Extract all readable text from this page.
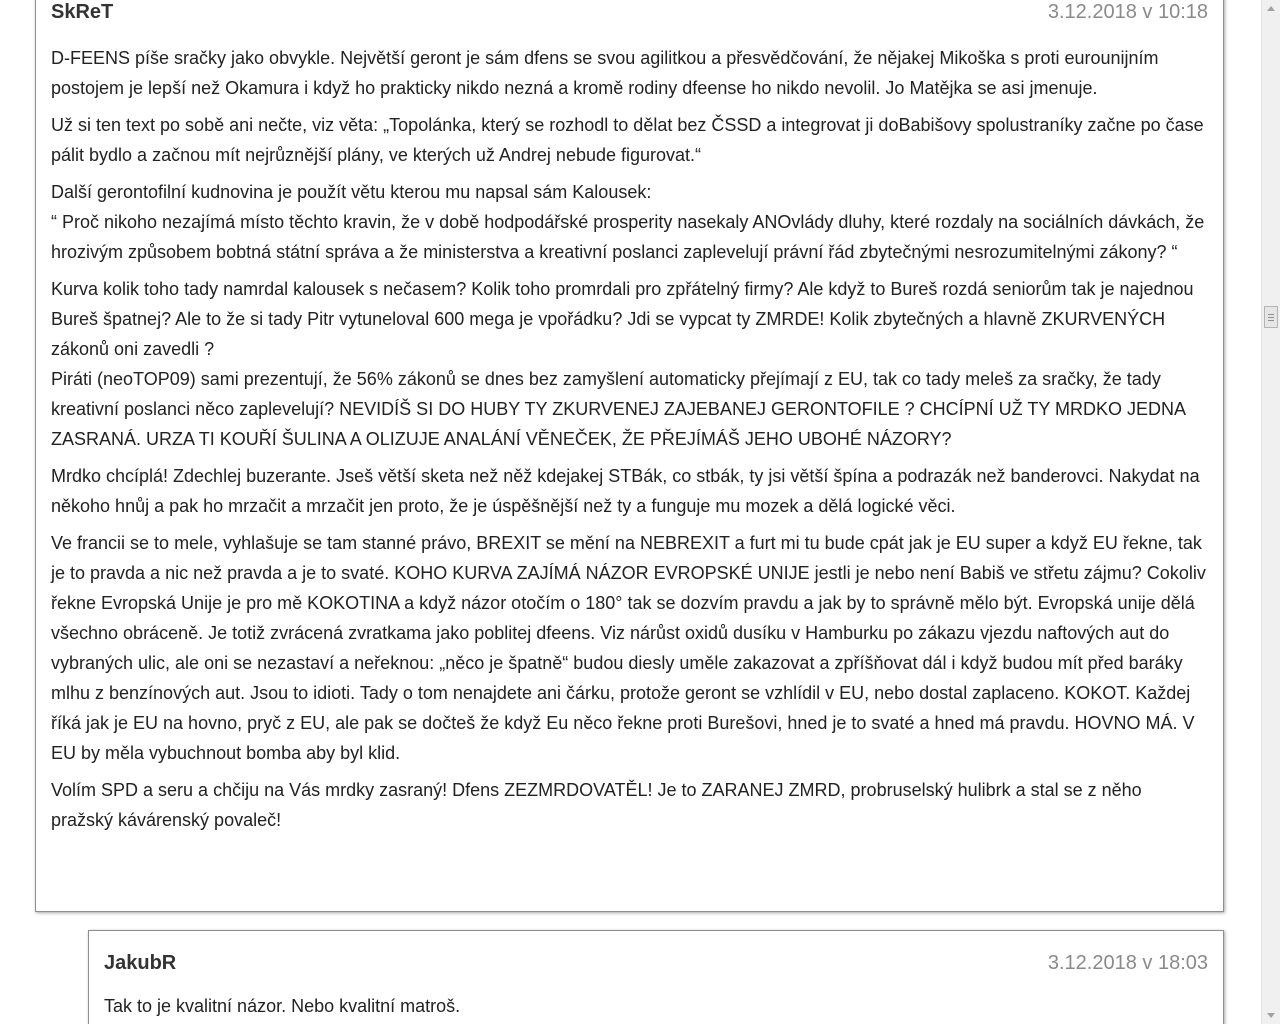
SkReT	3.12.2018 v 10:18

D-FEENS píše sračky jako obvykle. Největší geront je sám dfens se svou agilitkou a přesvědčování, že nějakej Mikoška s proti eurounijním postojem je lepší než Okamura i když ho prakticky nikdo nezná a kromě rodiny dfeense ho nikdo nevolil. Jo Matějka se asi jmenuje.

Už si ten text po sobě ani nečte, viz věta: „Topolánka, který se rozhodl to dělat bez ČSSD a integrovat ji doBabišovy spolustraníky začne po čase pálit bydlo a začnou mít nejrůznější plány, ve kterých už Andrej nebude figurovat.“

Další gerontofilní kudnovina je použít větu kterou mu napsal sám Kalousek:
“ Proč nikoho nezajímá místo těchto kravin, že v době hodpodářské prosperity nasekaly ANOvlády dluhy, které rozdaly na sociálních dávkách, že hrozivým způsobem bobtná státní správa a že ministerstva a kreativní poslanci zaplevelují právní řád zbytečnými nesrozumitelnými zákony? “

Kurva kolik toho tady namrdal kalousek s nečasem? Kolik toho promrdali pro zpřátelný firmy? Ale když to Bureš rozdá seniorům tak je najednou Bureš špatnej? Ale to že si tady Pitr vytuneloval 600 mega je vpořádku? Jdi se vypcat ty ZMRDE! Kolik zbytečných a hlavně ZKURVENÝCH zákonů oni zavedli ?
Piráti (neoTOP09) sami prezentují, že 56% zákonů se dnes bez zamyšlení automaticky přejímají z EU, tak co tady meleš za sračky, že tady kreativní poslanci něco zaplevelují? NEVIDÍŠ SI DO HUBY TY ZKURVENEJ ZAJEBANEJ GERONTOFILE ? CHCÍPNÍ UŽ TY MRDKO JEDNA ZASRANÁ. URZA TI KOUŘÍ ŠULINA A OLIZUJE ANALÁNÍ VĚNEČEK, ŽE PŘEJÍMÁŠ JEHO UBOHÉ NÁZORY?

Mrdko chcíplá! Zdechlej buzerante. Jseš větší sketa než něž kdejakej STBák, co stbák, ty jsi větší špína a podrazák než banderovci. Nakydat na někoho hnůj a pak ho mrzačit a mrzačit jen proto, že je úspěšnější než ty a funguje mu mozek a dělá logické věci.

Ve francii se to mele, vyhlašuje se tam stanné právo, BREXIT se mění na NEBREXIT a furt mi tu bude cpát jak je EU super a když EU řekne, tak je to pravda a nic než pravda a je to svaté. KOHO KURVA ZAJÍMÁ NÁZOR EVROPSKÉ UNIJE jestli je nebo není Babiš ve střetu zájmu? Cokoliv řekne Evropská Unije je pro mě KOKOTINA a když názor otočím o 180° tak se dozvím pravdu a jak by to správně mělo být. Evropská unije dělá všechno obráceně. Je totiž zvrácená zvratkama jako poblitej dfeens. Viz nárůst oxidů dusíku v Hamburku po zákazu vjezdu naftových aut do vybraných ulic, ale oni se nezastaví a neřeknou: „něco je špatně“ budou diesly uměle zakazovat a zpříšňovat dál i když budou mít před baráky mlhu z benzínových aut. Jsou to idioti. Tady o tom nenajdete ani čárku, protože geront se vzhlídil v EU, nebo dostal zaplaceno. KOKOT. Každej říká jak je EU na hovno, pryč z EU, ale pak se dočteš že když Eu něco řekne proti Burešovi, hned je to svaté a hned má pravdu. HOVNO MÁ. V EU by měla vybuchnout bomba aby byl klid.

Volím SPD a seru a chčiju na Vás mrdky zasraný! Dfens ZEZMRDOVATĚL! Je to ZARANEJ ZMRD, probruselský hulibrk a stal se z něho pražský kávárenský povaleč!

JakubR	3.12.2018 v 18:03

Tak to je kvalitní názor. Nebo kvalitní matroš.
